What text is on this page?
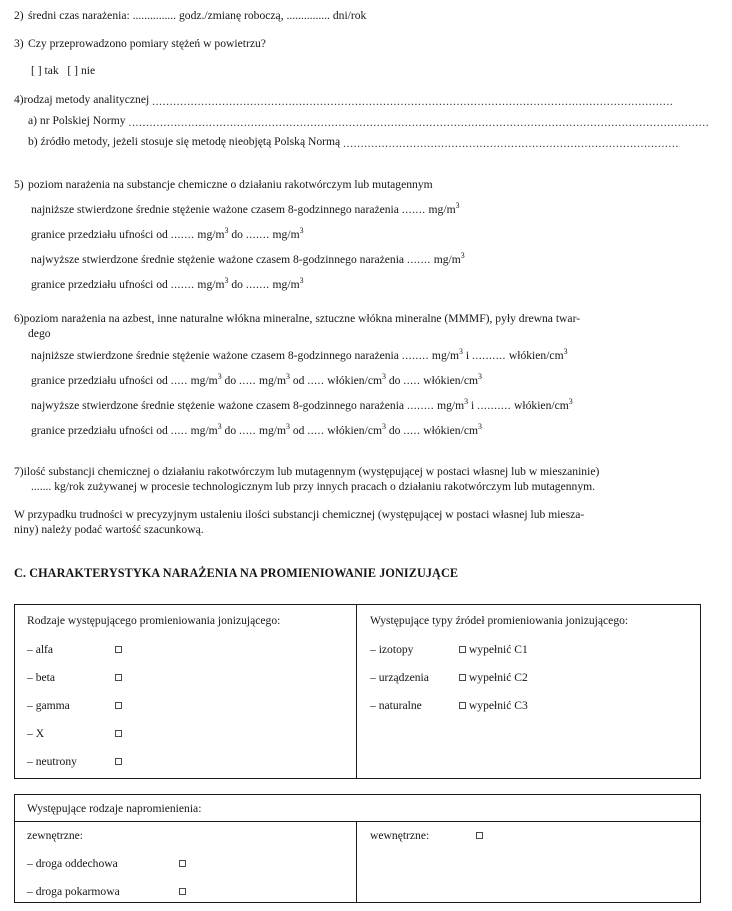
2) średni czas narażenia: ............... godz./zmianę roboczą, ............... dni/rok
3) Czy przeprowadzono pomiary stężeń w powietrzu?
[ ] tak [ ] nie
4)rodzaj metody analitycznej .....
a) nr Polskiej Normy .....
b) źródło metody, jeżeli stosuje się metodę nieobjętą Polską Normą .....
5) poziom narażenia na substancje chemiczne o działaniu rakotwórczym lub mutagennym
najniższe stwierdzone średnie stężenie ważone czasem 8-godzinnego narażenia ....... $mg/m^3$
granice przedziału ufności od ....... $mg/m^3$ do ....... $mg/m^3$
najwyższe stwierdzone średnie stężenie ważone czasem 8-godzinnego narażenia ....... $mg/m^3$
granice przedziału ufności od ....... $mg/m^3$ do ....... $mg/m^3$
6)poziom narażenia na azbest, inne naturalne włókna mineralne, sztuczne włókna mineralne (MMMF), pyły drewna twar-
dego
najniższe stwierdzone średnie stężenie ważone czasem 8-godzinnego narażenia ........ $mg/m^3$ i .......... włókien/$cm^3$
granice przedziału ufności od ..... $mg/m^3$ do ..... $mg/m^3$ od ..... włókien/$cm^3$ do ..... włókien/$cm^3$
najwyższe stwierdzone średnie stężenie ważone czasem 8-godzinnego narażenia ........ $mg/m^3$ i .......... włókien/$cm^3$
granice przedziału ufności od ..... $mg/m^3$ do ..... $mg/m^3$ od ..... włókien/$cm^3$ do ..... włókien/$cm^3$
7)ilość substancji chemicznej o działaniu rakotwórczym lub mutagennym (występującej w postaci własnej lub w mieszaninie)
....... kg/rok zużywanej w procesie technologicznym lub przy innych pracach o działaniu rakotwórczym lub mutagennym.
W przypadku trudności w precyzyjnym ustaleniu ilości substancji chemicznej (występującej w postaci własnej lub miesza-
niny) należy podać wartość szacunkową.
C. CHARAKTERYSTYKA NARAŻENIA NA PROMIENIOWANIE JONIZUJĄCE
Rodzaje występującego promieniowania jonizującego:
– alfa
– beta
– gamma
– X
– neutrony
Występujące typy źródeł promieniowania jonizującego:
– izotopy	wypełnić C1
– urządzenia	wypełnić C2
– naturalne	wypełnić C3
Występujące rodzaje napromienienia:
zewnętrzne:
– droga oddechowa
– droga pokarmowa
wewnętrzne:
